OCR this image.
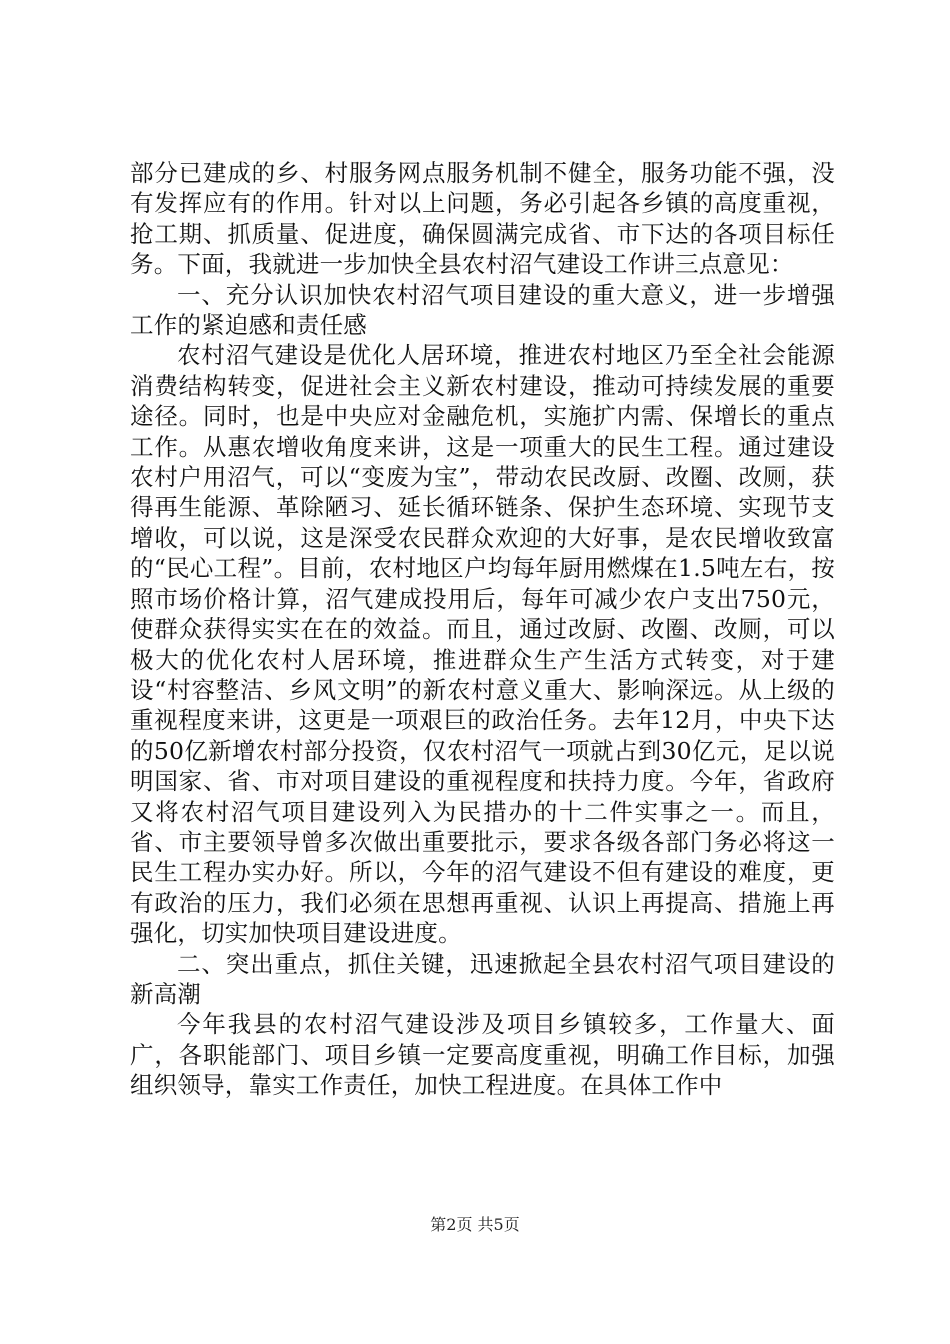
部分已建成的乡、村服务网点服务机制不健全，服务功能不强，没有发挥应有的作用。针对以上问题，务必引起各乡镇的高度重视，抢工期、抓质量、促进度，确保圆满完成省、市下达的各项目标任务。下面，我就进一步加快全县农村沼气建设工作讲三点意见：

一、充分认识加快农村沼气项目建设的重大意义，进一步增强工作的紧迫感和责任感

农村沼气建设是优化人居环境，推进农村地区乃至全社会能源消费结构转变，促进社会主义新农村建设，推动可持续发展的重要途径。同时，也是中央应对金融危机，实施扩内需、保增长的重点工作。从惠农增收角度来讲，这是一项重大的民生工程。通过建设农村户用沼气，可以“变废为宝”，带动农民改厨、改圈、改厕，获得再生能源、革除陋习、延长循环链条、保护生态环境、实现节支增收，可以说，这是深受农民群众欢迎的大好事，是农民增收致富的“民心工程”。目前，农村地区户均每年厨用燃煤在1.5吨左右，按照市场价格计算，沼气建成投用后，每年可减少农户支出750元，使群众获得实实在在的效益。而且，通过改厨、改圈、改厕，可以极大的优化农村人居环境，推进群众生产生活方式转变，对于建设“村容整洁、乡风文明”的新农村意义重大、影响深远。从上级的重视程度来讲，这更是一项艰巨的政治任务。去年12月，中央下达的50亿新增农村部分投资，仅农村沼气一项就占到30亿元，足以说明国家、省、市对项目建设的重视程度和扶持力度。今年，省政府又将农村沼气项目建设列入为民措办的十二件实事之一。而且，省、市主要领导曾多次做出重要批示，要求各级各部门务必将这一民生工程办实办好。所以，今年的沼气建设不但有建设的难度，更有政治的压力，我们必须在思想再重视、认识上再提高、措施上再强化，切实加快项目建设进度。

二、突出重点，抓住关键，迅速掀起全县农村沼气项目建设的新高潮

今年我县的农村沼气建设涉及项目乡镇较多，工作量大、面广，各职能部门、项目乡镇一定要高度重视，明确工作目标，加强组织领导，靠实工作责任，加快工程进度。在具体工作中

第2页 共5页
